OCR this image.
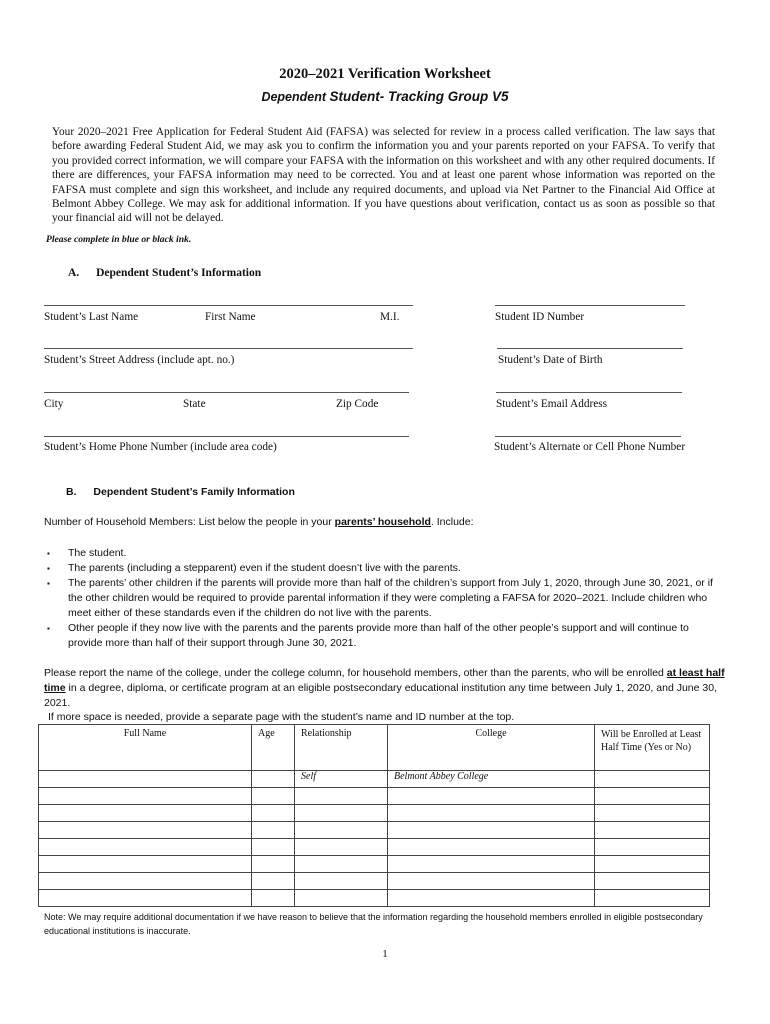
2020–2021 Verification Worksheet
Dependent Student- Tracking Group V5
Your 2020–2021 Free Application for Federal Student Aid (FAFSA) was selected for review in a process called verification. The law says that before awarding Federal Student Aid, we may ask you to confirm the information you and your parents reported on your FAFSA. To verify that you provided correct information, we will compare your FAFSA with the information on this worksheet and with any other required documents. If there are differences, your FAFSA information may need to be corrected. You and at least one parent whose information was reported on the FAFSA must complete and sign this worksheet, and include any required documents, and upload via Net Partner to the Financial Aid Office at Belmont Abbey College. We may ask for additional information. If you have questions about verification, contact us as soon as possible so that your financial aid will not be delayed.
Please complete in blue or black ink.
A. Dependent Student’s Information
Student’s Last Name	First Name	M.I.	Student ID Number
Student’s Street Address (include apt. no.)	Student’s Date of Birth
City	State	Zip Code	Student’s Email Address
Student’s Home Phone Number (include area code)	Student’s Alternate or Cell Phone Number
B. Dependent Student’s Family Information
Number of Household Members: List below the people in your parents’ household. Include:
▪ The student.
▪ The parents (including a stepparent) even if the student doesn’t live with the parents.
▪ The parents’ other children if the parents will provide more than half of the children’s support from July 1, 2020, through June 30, 2021, or if the other children would be required to provide parental information if they were completing a FAFSA for 2020–2021. Include children who meet either of these standards even if the children do not live with the parents.
▪ Other people if they now live with the parents and the parents provide more than half of the other people’s support and will continue to provide more than half of their support through June 30, 2021.
Please report the name of the college, under the college column, for household members, other than the parents, who will be enrolled at least half time in a degree, diploma, or certificate program at an eligible postsecondary educational institution any time between July 1, 2020, and June 30, 2021.
If more space is needed, provide a separate page with the student’s name and ID number at the top.
Full Name	Age	Relationship	College	Will be Enrolled at Least Half Time (Yes or No)
		Self	Belmont Abbey College	

Note: We may require additional documentation if we have reason to believe that the information regarding the household members enrolled in eligible postsecondary educational institutions is inaccurate.
1
